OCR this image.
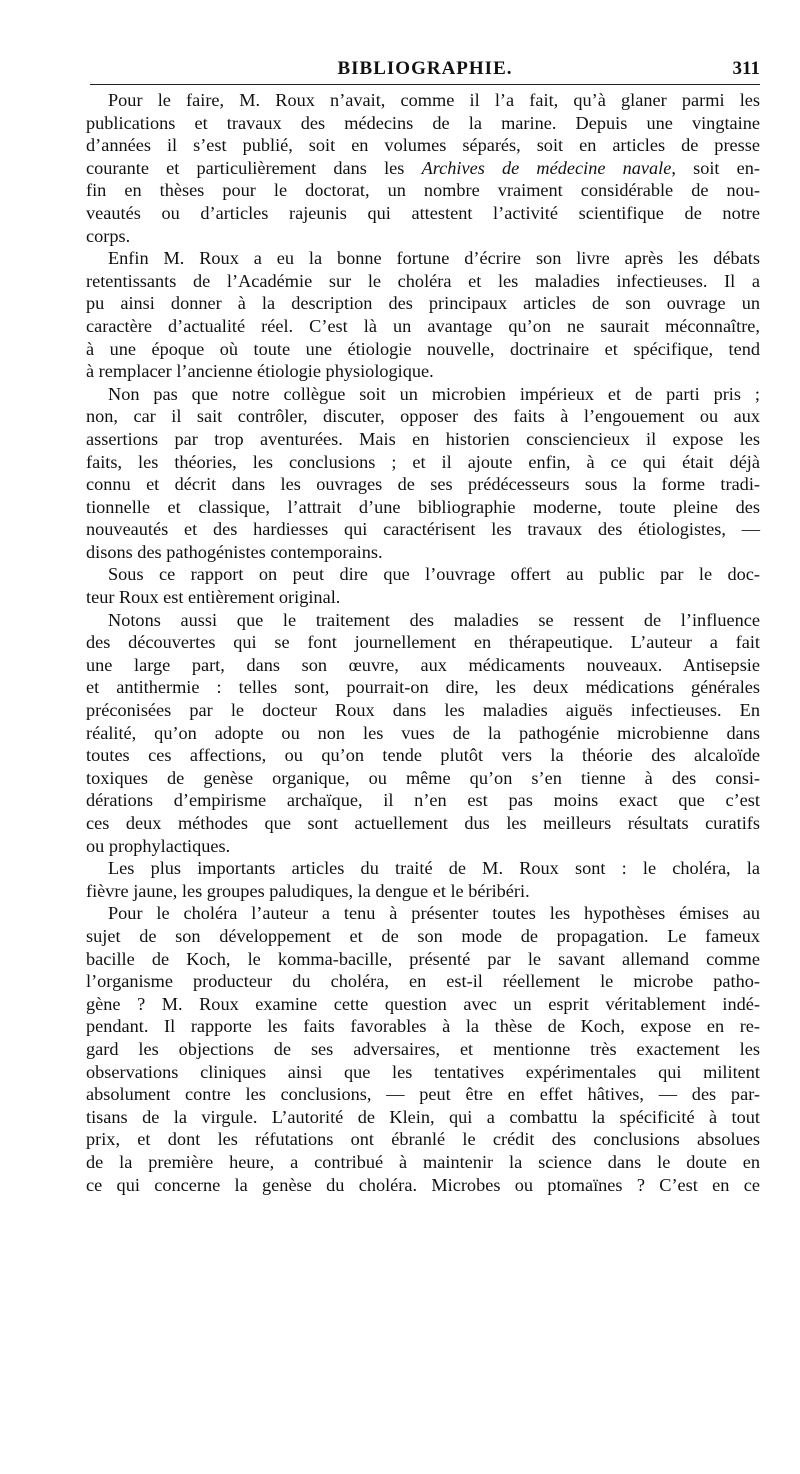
BIBLIOGRAPHIE.	311
Pour le faire, M. Roux n’avait, comme il l’a fait, qu’à glaner parmi les
publications et travaux des médecins de la marine. Depuis une vingtaine
d’années il s’est publié, soit en volumes séparés, soit en articles de presse
courante et particulièrement dans les Archives de médecine navale, soit en-
fin en thèses pour le doctorat, un nombre vraiment considérable de nou-
veautés ou d’articles rajeunis qui attestent l’activité scientifique de notre
corps.
Enfin M. Roux a eu la bonne fortune d’écrire son livre après les débats
retentissants de l’Académie sur le choléra et les maladies infectieuses. Il a
pu ainsi donner à la description des principaux articles de son ouvrage un
caractère d’actualité réel. C’est là un avantage qu’on ne saurait méconnaître,
à une époque où toute une étiologie nouvelle, doctrinaire et spécifique, tend
à remplacer l’ancienne étiologie physiologique.
Non pas que notre collègue soit un microbien impérieux et de parti pris ;
non, car il sait contrôler, discuter, opposer des faits à l’engouement ou aux
assertions par trop aventurées. Mais en historien consciencieux il expose les
faits, les théories, les conclusions ; et il ajoute enfin, à ce qui était déjà
connu et décrit dans les ouvrages de ses prédécesseurs sous la forme tradi-
tionnelle et classique, l’attrait d’une bibliographie moderne, toute pleine des
nouveautés et des hardiesses qui caractérisent les travaux des étiologistes, —
disons des pathogénistes contemporains.
Sous ce rapport on peut dire que l’ouvrage offert au public par le doc-
teur Roux est entièrement original.
Notons aussi que le traitement des maladies se ressent de l’influence
des découvertes qui se font journellement en thérapeutique. L’auteur a fait
une large part, dans son œuvre, aux médicaments nouveaux. Antisepsie
et antithermie : telles sont, pourrait-on dire, les deux médications générales
préconisées par le docteur Roux dans les maladies aiguës infectieuses. En
réalité, qu’on adopte ou non les vues de la pathogénie microbienne dans
toutes ces affections, ou qu’on tende plutôt vers la théorie des alcaloïde
toxiques de genèse organique, ou même qu’on s’en tienne à des consi-
dérations d’empirisme archaïque, il n’en est pas moins exact que c’est
ces deux méthodes que sont actuellement dus les meilleurs résultats curatifs
ou prophylactiques.
Les plus importants articles du traité de M. Roux sont : le choléra, la
fièvre jaune, les groupes paludiques, la dengue et le béribéri.
Pour le choléra l’auteur a tenu à présenter toutes les hypothèses émises au
sujet de son développement et de son mode de propagation. Le fameux
bacille de Koch, le komma-bacille, présenté par le savant allemand comme
l’organisme producteur du choléra, en est-il réellement le microbe patho-
gène ? M. Roux examine cette question avec un esprit véritablement indé-
pendant. Il rapporte les faits favorables à la thèse de Koch, expose en re-
gard les objections de ses adversaires, et mentionne très exactement les
observations cliniques ainsi que les tentatives expérimentales qui militent
absolument contre les conclusions, — peut être en effet hâtives, — des par-
tisans de la virgule. L’autorité de Klein, qui a combattu la spécificité à tout
prix, et dont les réfutations ont ébranlé le crédit des conclusions absolues
de la première heure, a contribué à maintenir la science dans le doute en
ce qui concerne la genèse du choléra. Microbes ou ptomaïnes ? C’est en ce
